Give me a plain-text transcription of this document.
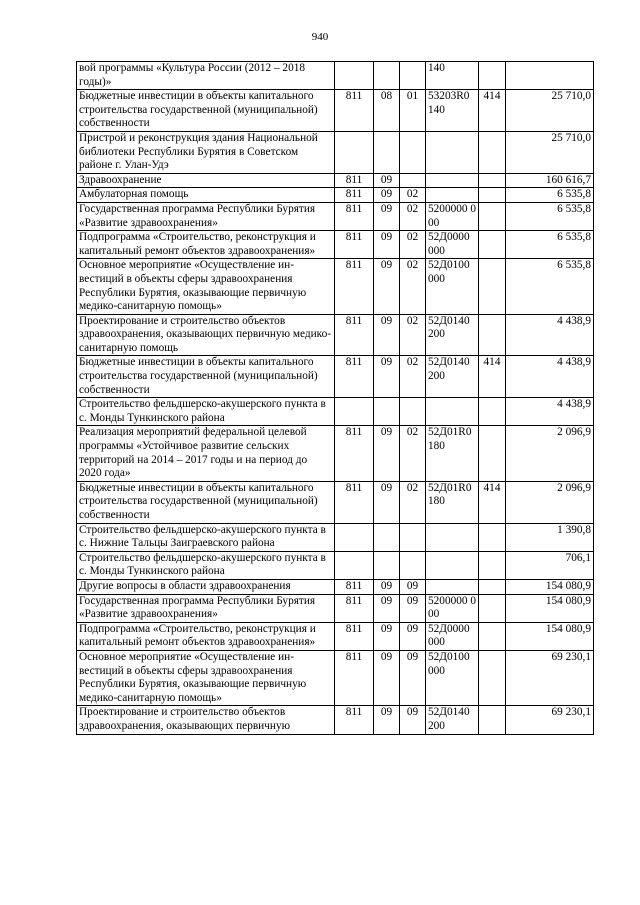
940
вой программы «Культура России (2012 – 2018 годы)»				140		
Бюджетные инвестиции в объекты капитального строительства государственной (муниципальной) собственности	811	08	01	53203R0 140	414	25 710,0
Пристрой и реконструкция здания Национальной библиотеки Республики Бурятия в Советском районе г. Улан-Удэ						25 710,0
Здравоохранение	811	09				160 616,7
Амбулаторная помощь	811	09	02			6 535,8
Государственная программа Республики Бурятия «Развитие здравоохранения»	811	09	02	5200000 000		6 535,8
Подпрограмма «Строительство, реконструкция и капитальный ремонт объектов здравоохранения»	811	09	02	52Д0000 000		6 535,8
Основное мероприятие «Осуществление инвестиций в объекты сферы здравоохранения Республики Бурятия, оказывающие первичную медико-санитарную помощь»	811	09	02	52Д0100 000		6 535,8
Проектирование и строительство объектов здравоохранения, оказывающих первичную медико-санитарную помощь	811	09	02	52Д0140 200		4 438,9
Бюджетные инвестиции в объекты капитального строительства государственной (муниципальной) собственности	811	09	02	52Д0140 200	414	4 438,9
Строительство фельдшерско-акушерского пункта в с. Монды Тункинского района						4 438,9
Реализация мероприятий федеральной целевой программы «Устойчивое развитие сельских территорий на 2014 – 2017 годы и на период до 2020 года»	811	09	02	52Д01R0 180		2 096,9
Бюджетные инвестиции в объекты капитального строительства государственной (муниципальной) собственности	811	09	02	52Д01R0 180	414	2 096,9
Строительство фельдшерско-акушерского пункта в с. Нижние Тальцы Заиграевского района						1 390,8
Строительство фельдшерско-акушерского пункта в с. Монды Тункинского района						706,1
Другие вопросы в области здравоохранения	811	09	09			154 080,9
Государственная программа Республики Бурятия «Развитие здравоохранения»	811	09	09	5200000 000		154 080,9
Подпрограмма «Строительство, реконструкция и капитальный ремонт объектов здравоохранения»	811	09	09	52Д0000 000		154 080,9
Основное мероприятие «Осуществление инвестиций в объекты сферы здравоохранения Республики Бурятия, оказывающие первичную медико-санитарную помощь»	811	09	09	52Д0100 000		69 230,1
Проектирование и строительство объектов здравоохранения, оказывающих первичную	811	09	09	52Д0140 200		69 230,1
